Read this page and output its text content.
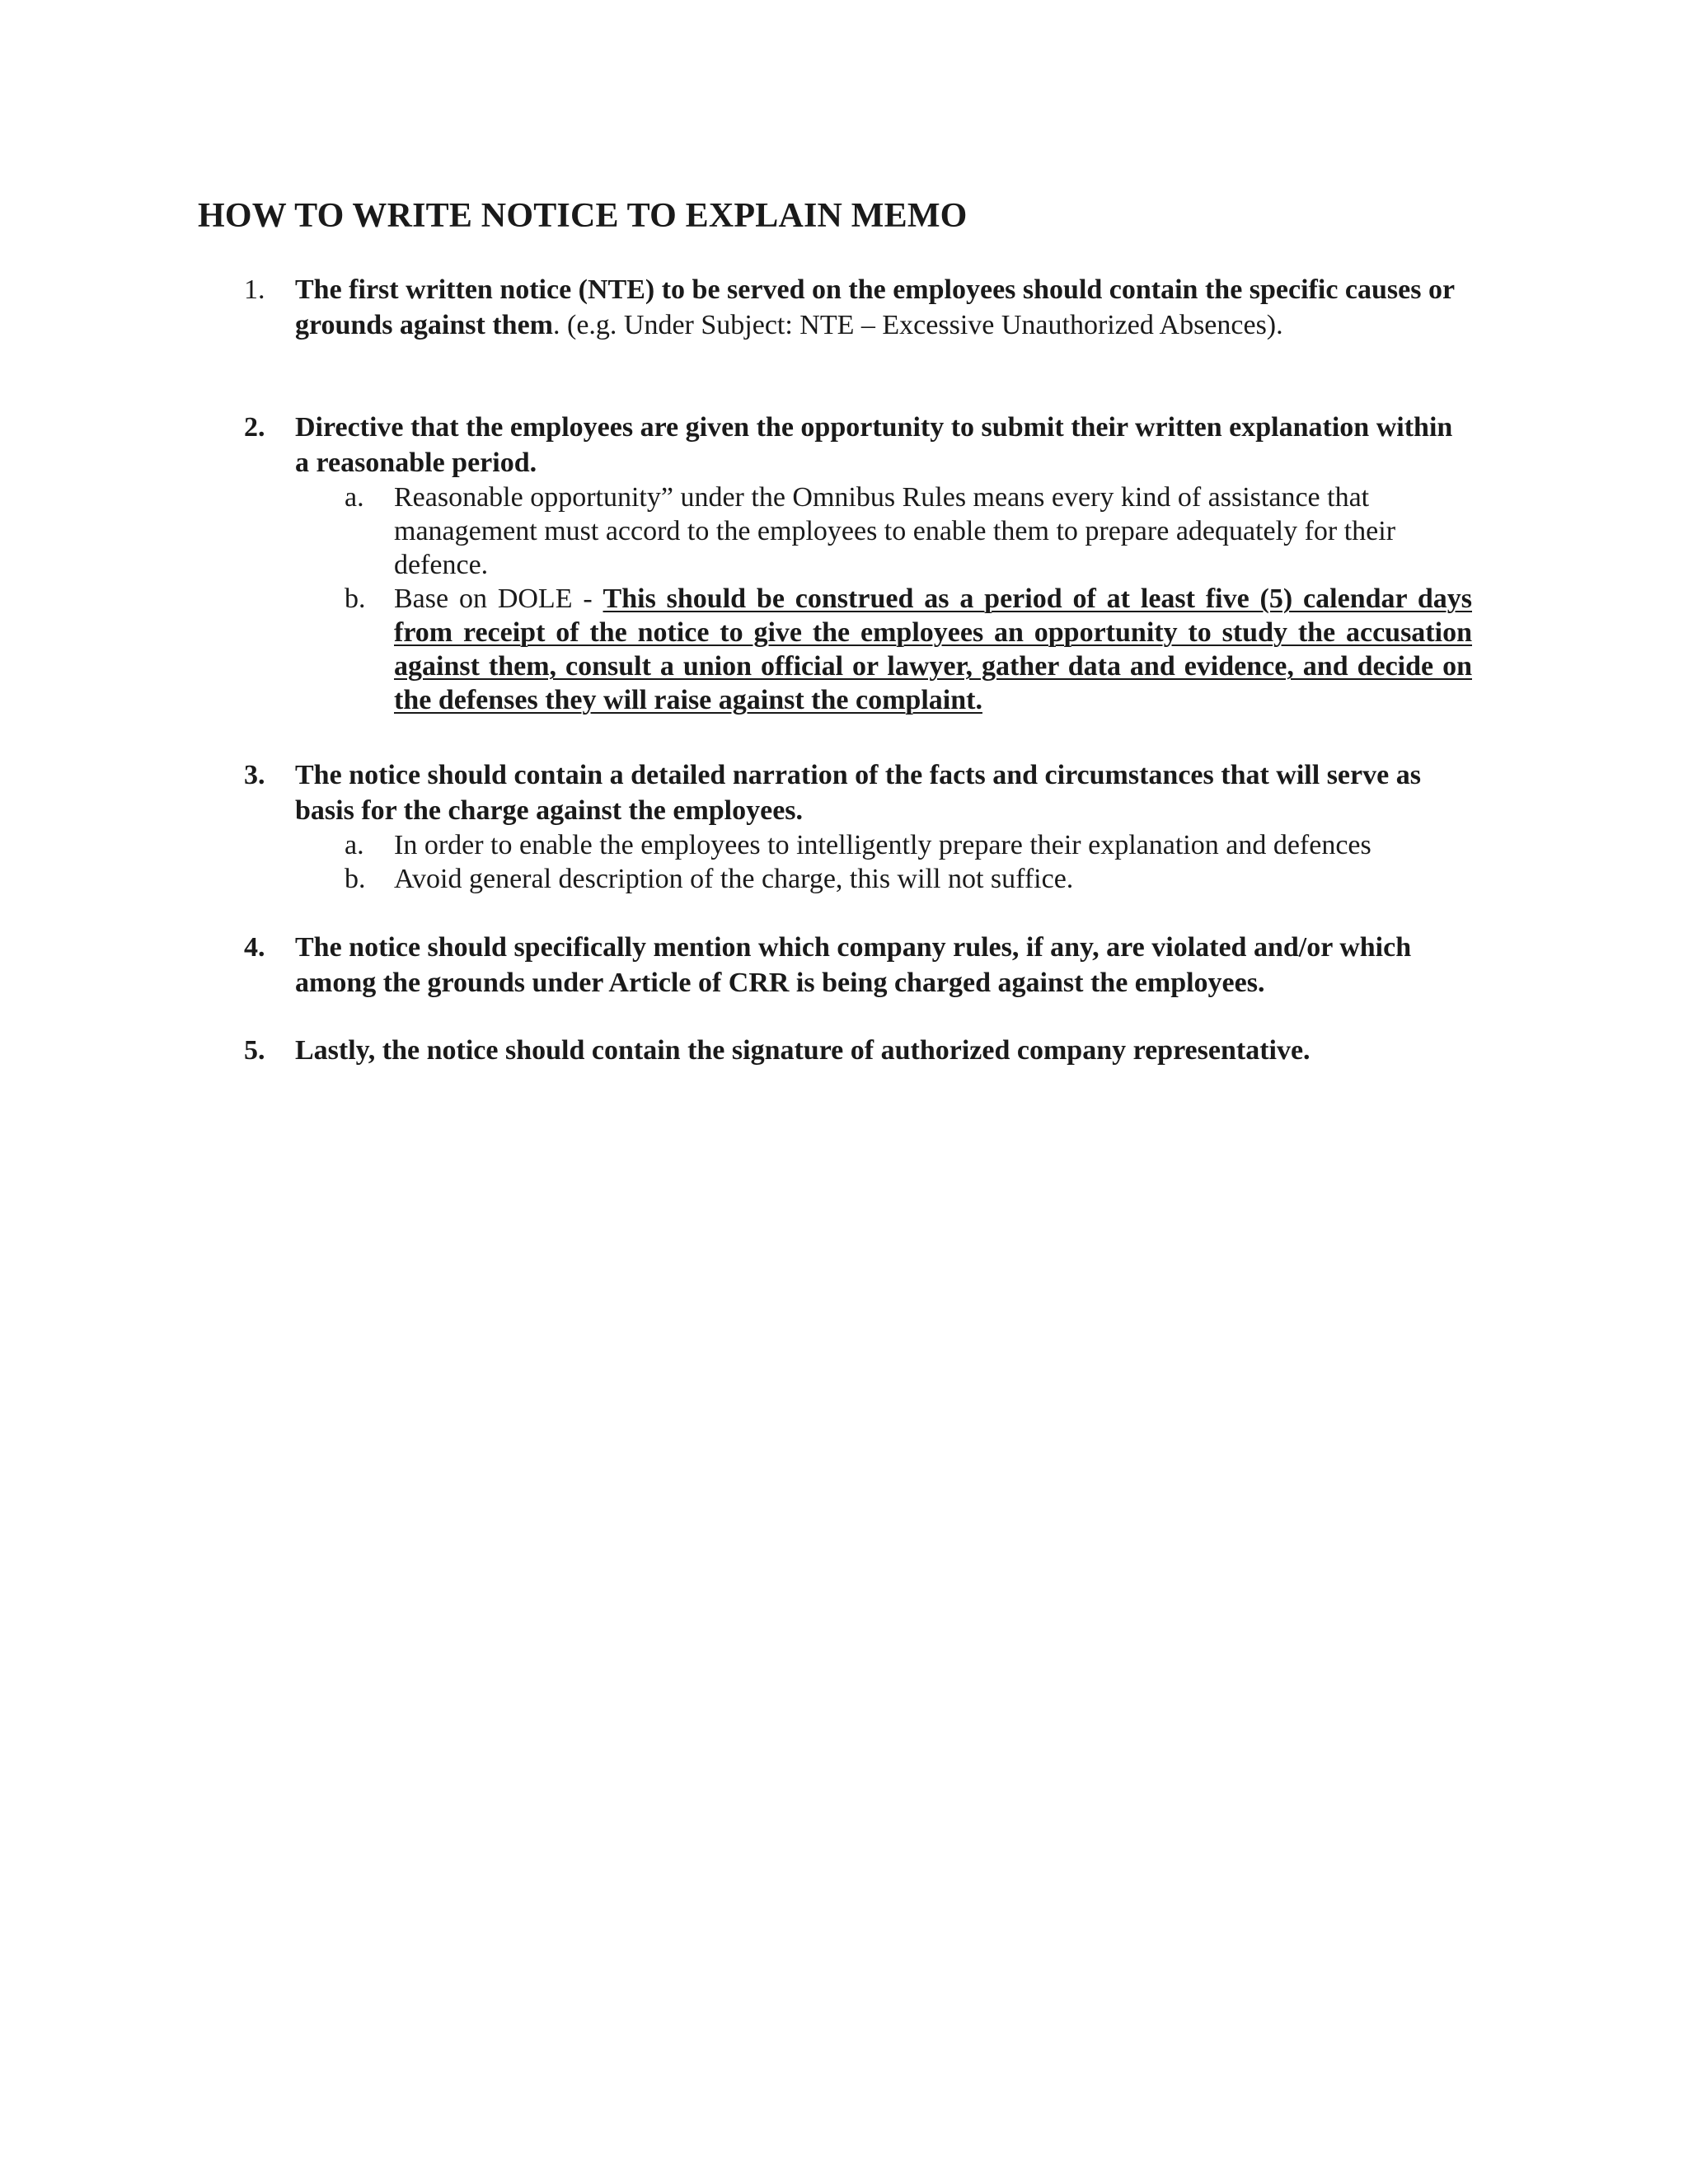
HOW TO WRITE NOTICE TO EXPLAIN MEMO
1. The first written notice (NTE) to be served on the employees should contain the specific causes or grounds against them. (e.g. Under Subject: NTE – Excessive Unauthorized Absences).
2. Directive that the employees are given the opportunity to submit their written explanation within a reasonable period.
a. Reasonable opportunity” under the Omnibus Rules means every kind of assistance that management must accord to the employees to enable them to prepare adequately for their defence.
b. Base on DOLE - This should be construed as a period of at least five (5) calendar days from receipt of the notice to give the employees an opportunity to study the accusation against them, consult a union official or lawyer, gather data and evidence, and decide on the defenses they will raise against the complaint.
3. The notice should contain a detailed narration of the facts and circumstances that will serve as basis for the charge against the employees.
a. In order to enable the employees to intelligently prepare their explanation and defences
b. Avoid general description of the charge, this will not suffice.
4. The notice should specifically mention which company rules, if any, are violated and/or which among the grounds under Article of CRR is being charged against the employees.
5. Lastly, the notice should contain the signature of authorized company representative.
